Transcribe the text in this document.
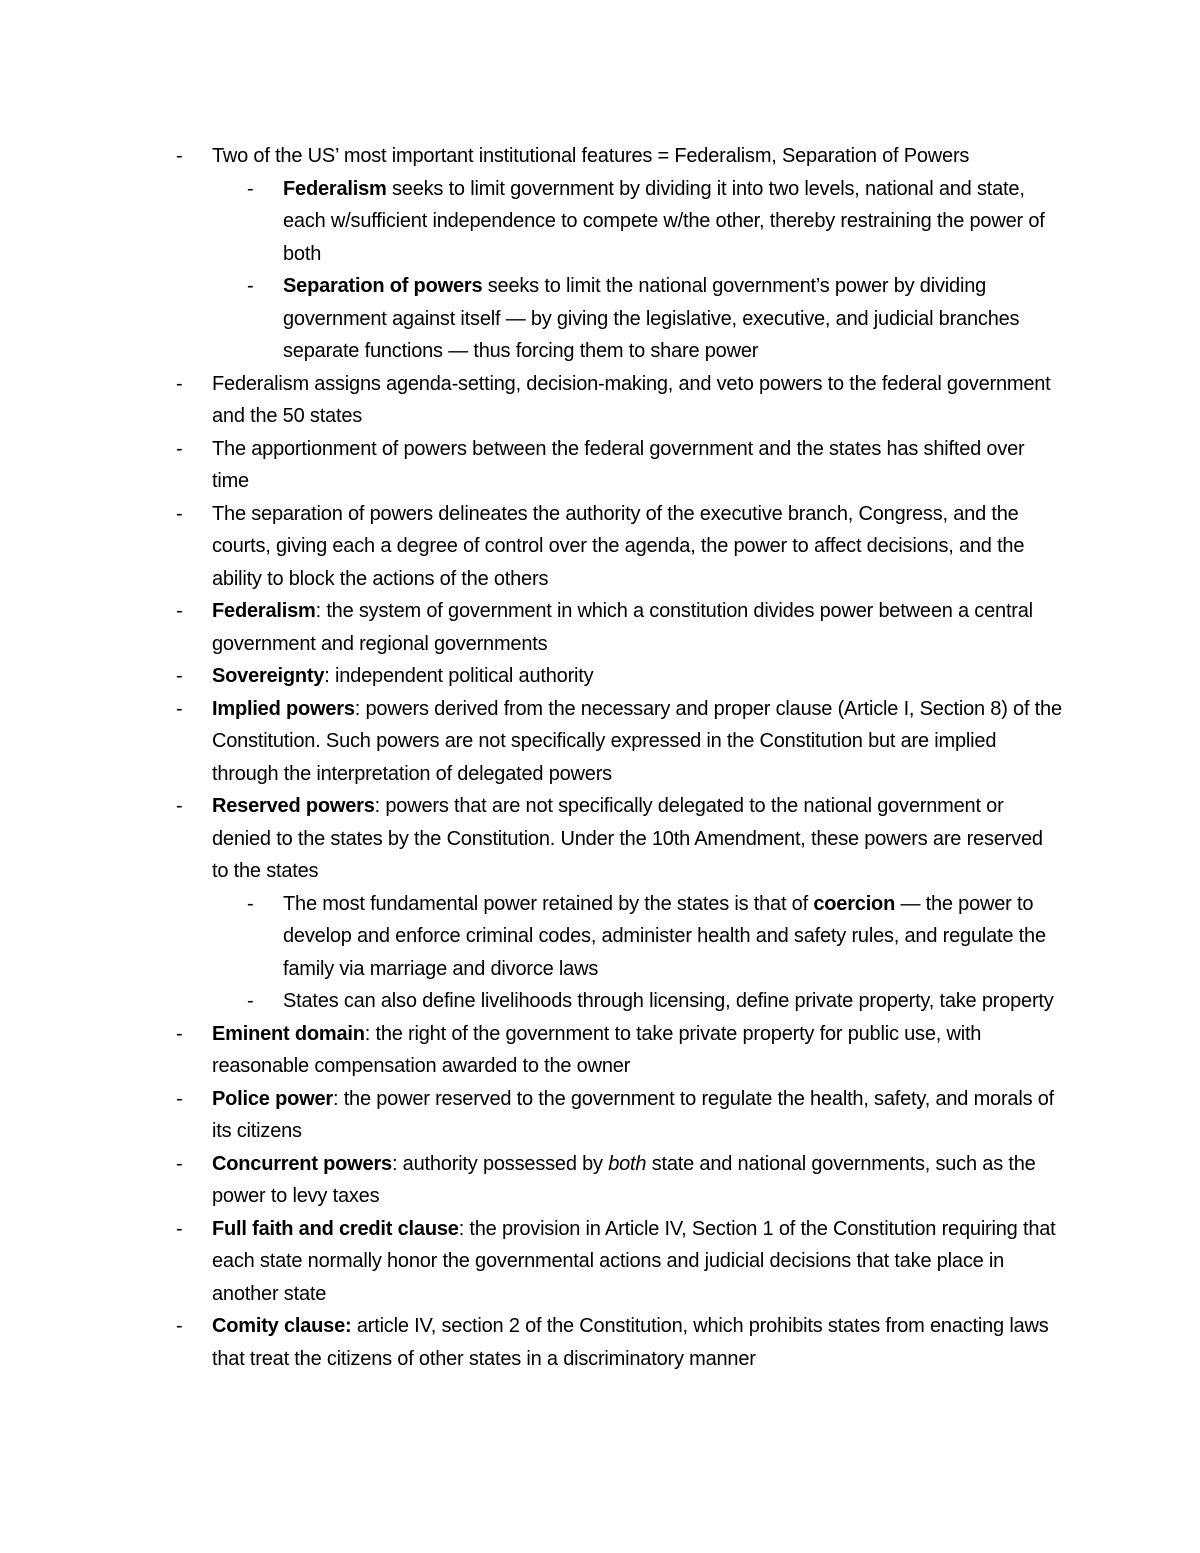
- Two of the US’ most important institutional features = Federalism, Separation of Powers
- Federalism seeks to limit government by dividing it into two levels, national and state, each w/sufficient independence to compete w/the other, thereby restraining the power of both
- Separation of powers seeks to limit the national government’s power by dividing government against itself — by giving the legislative, executive, and judicial branches separate functions — thus forcing them to share power
- Federalism assigns agenda-setting, decision-making, and veto powers to the federal government and the 50 states
- The apportionment of powers between the federal government and the states has shifted over time
- The separation of powers delineates the authority of the executive branch, Congress, and the courts, giving each a degree of control over the agenda, the power to affect decisions, and the ability to block the actions of the others
- Federalism: the system of government in which a constitution divides power between a central government and regional governments
- Sovereignty: independent political authority
- Implied powers: powers derived from the necessary and proper clause (Article I, Section 8) of the Constitution. Such powers are not specifically expressed in the Constitution but are implied through the interpretation of delegated powers
- Reserved powers: powers that are not specifically delegated to the national government or denied to the states by the Constitution. Under the 10th Amendment, these powers are reserved to the states
- The most fundamental power retained by the states is that of coercion — the power to develop and enforce criminal codes, administer health and safety rules, and regulate the family via marriage and divorce laws
- States can also define livelihoods through licensing, define private property, take property
- Eminent domain: the right of the government to take private property for public use, with reasonable compensation awarded to the owner
- Police power: the power reserved to the government to regulate the health, safety, and morals of its citizens
- Concurrent powers: authority possessed by both state and national governments, such as the power to levy taxes
- Full faith and credit clause: the provision in Article IV, Section 1 of the Constitution requiring that each state normally honor the governmental actions and judicial decisions that take place in another state
- Comity clause: article IV, section 2 of the Constitution, which prohibits states from enacting laws that treat the citizens of other states in a discriminatory manner
